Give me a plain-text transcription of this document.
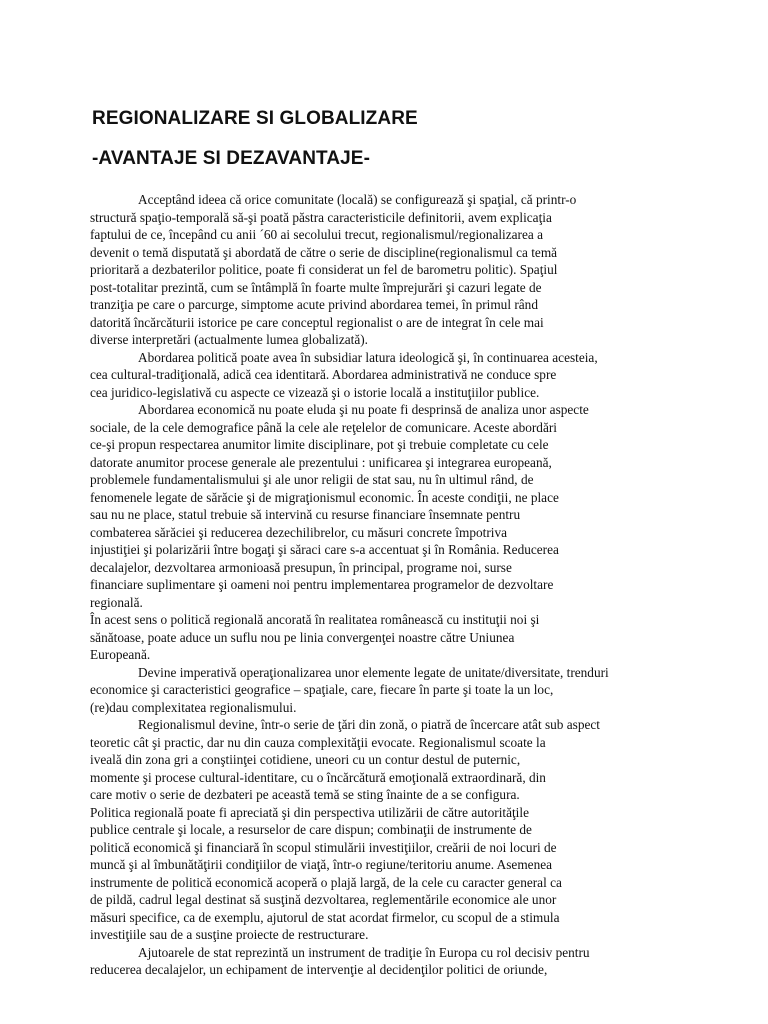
REGIONALIZARE SI GLOBALIZARE
-AVANTAJE SI DEZAVANTAJE-
Acceptând ideea că orice comunitate (locală) se configurează şi spaţial, că printr-o
structură spaţio-temporală să-şi poată păstra caracteristicile definitorii, avem explicaţia
faptului de ce, începând cu anii ´60 ai secolului trecut, regionalismul/regionalizarea a
devenit o temă disputată şi abordată de către o serie de discipline(regionalismul ca temă
prioritară a dezbaterilor politice, poate fi considerat un fel de barometru politic). Spaţiul
post-totalitar prezintă, cum se întâmplă în foarte multe împrejurări şi cazuri legate de
tranziţia pe care o parcurge, simptome acute privind abordarea temei, în primul rând
datorită încărcăturii istorice pe care conceptul regionalist o are de integrat în cele mai
diverse interpretări (actualmente lumea globalizată).
Abordarea politică poate avea în subsidiar latura ideologică şi, în continuarea acesteia,
cea cultural-tradiţională, adică cea identitară. Abordarea administrativă ne conduce spre
cea juridico-legislativă cu aspecte ce vizează şi o istorie locală a instituţiilor publice.
Abordarea economică nu poate eluda şi nu poate fi desprinsă de analiza unor aspecte
sociale, de la cele demografice până la cele ale reţelelor de comunicare. Aceste abordări
ce-şi propun respectarea anumitor limite disciplinare, pot şi trebuie completate cu cele
datorate anumitor procese generale ale prezentului : unificarea şi integrarea europeană,
problemele fundamentalismului şi ale unor religii de stat sau, nu în ultimul rând, de
fenomenele legate de sărăcie şi de migraţionismul economic. În aceste condiţii, ne place
sau nu ne place, statul trebuie să intervină cu resurse financiare însemnate pentru
combaterea sărăciei şi reducerea dezechilibrelor, cu măsuri concrete împotriva
injustiţiei şi polarizării între bogaţi şi săraci care s-a accentuat şi în România. Reducerea
decalajelor, dezvoltarea armonioasă presupun, în principal, programe noi, surse
financiare suplimentare şi oameni noi pentru implementarea programelor de dezvoltare
regională.
În acest sens o politică regională ancorată în realitatea românească cu instituţii noi şi
sănătoase, poate aduce un suflu nou pe linia convergenţei noastre către Uniunea
Europeană.
Devine imperativă operaţionalizarea unor elemente legate de unitate/diversitate, trenduri
economice şi caracteristici geografice – spaţiale, care, fiecare în parte şi toate la un loc,
(re)dau complexitatea regionalismului.
Regionalismul devine, într-o serie de ţări din zonă, o piatră de încercare atât sub aspect
teoretic cât şi practic, dar nu din cauza complexităţii evocate. Regionalismul scoate la
iveală din zona gri a conştiinţei cotidiene, uneori cu un contur destul de puternic,
momente şi procese cultural-identitare, cu o încărcătură emoţională extraordinară, din
care motiv o serie de dezbateri pe această temă se sting înainte de a se configura.
Politica regională poate fi apreciată şi din perspectiva utilizării de către autorităţile
publice centrale şi locale, a resurselor de care dispun; combinaţii de instrumente de
politică economică şi financiară în scopul stimulării investiţiilor, creării de noi locuri de
muncă şi al îmbunătăţirii condiţiilor de viaţă, într-o regiune/teritoriu anume. Asemenea
instrumente de politică economică acoperă o plajă largă, de la cele cu caracter general ca
de pildă, cadrul legal destinat să susţină dezvoltarea, reglementările economice ale unor
măsuri specifice, ca de exemplu, ajutorul de stat acordat firmelor, cu scopul de a stimula
investiţiile sau de a susţine proiecte de restructurare.
Ajutoarele de stat reprezintă un instrument de tradiţie în Europa cu rol decisiv pentru
reducerea decalajelor, un echipament de intervenţie al decidenţilor politici de oriunde,
